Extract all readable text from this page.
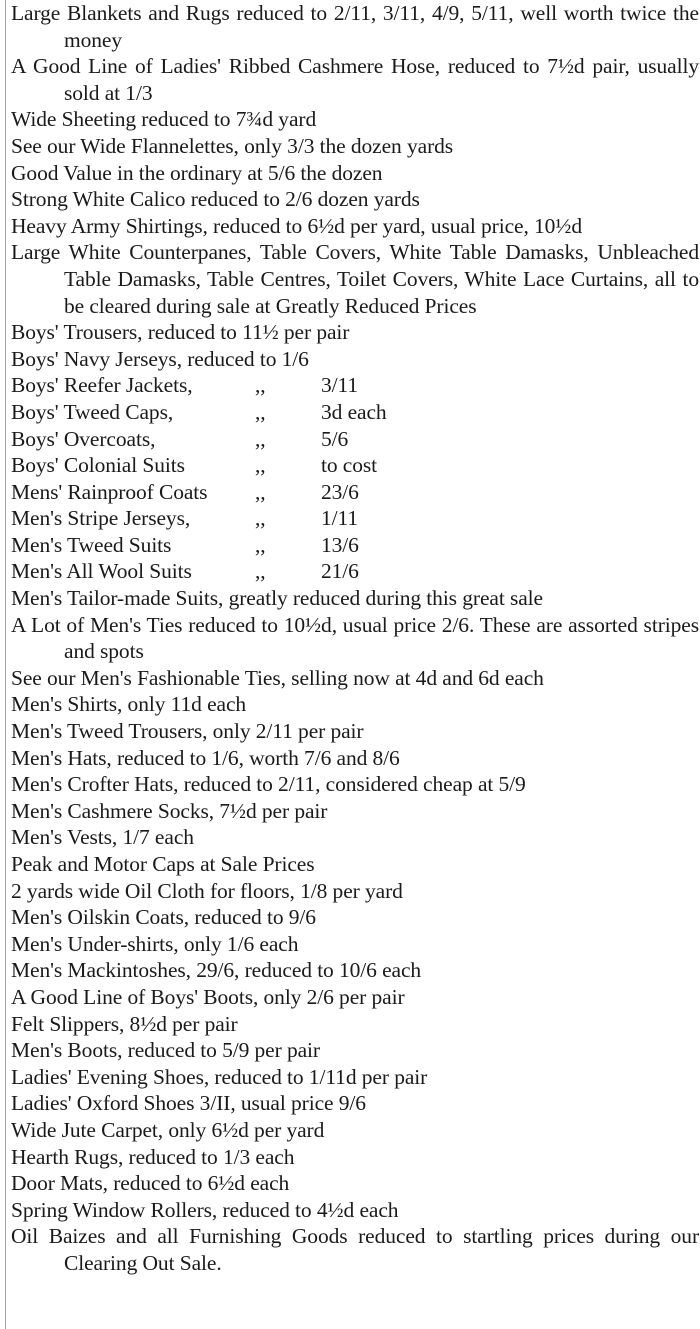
Large Blankets and Rugs reduced to 2/11, 3/11, 4/9, 5/11, well worth twice the money
A Good Line of Ladies' Ribbed Cashmere Hose, reduced to 7½d pair, usually sold at 1/3
Wide Sheeting reduced to 7¾d yard
See our Wide Flannelettes, only 3/3 the dozen yards
Good Value in the ordinary at 5/6 the dozen
Strong White Calico reduced to 2/6 dozen yards
Heavy Army Shirtings, reduced to 6½d per yard, usual price, 10½d
Large White Counterpanes, Table Covers, White Table Damasks, Unbleached Table Damasks, Table Centres, Toilet Covers, White Lace Curtains, all to be cleared during sale at Greatly Reduced Prices
Boys' Trousers, reduced to 11½ per pair
Boys' Navy Jerseys, reduced to 1/6
Boys' Reefer Jackets,	,,	3/11
Boys' Tweed Caps,	,,	3d each
Boys' Overcoats,	,,	5/6
Boys' Colonial Suits	,,	to cost
Mens' Rainproof Coats	,,	23/6
Men's Stripe Jerseys,	,,	1/11
Men's Tweed Suits	,,	13/6
Men's All Wool Suits	,,	21/6
Men's Tailor-made Suits, greatly reduced during this great sale
A Lot of Men's Ties reduced to 10½d, usual price 2/6. These are assorted stripes and spots
See our Men's Fashionable Ties, selling now at 4d and 6d each
Men's Shirts, only 11d each
Men's Tweed Trousers, only 2/11 per pair
Men's Hats, reduced to 1/6, worth 7/6 and 8/6
Men's Crofter Hats, reduced to 2/11, considered cheap at 5/9
Men's Cashmere Socks, 7½d per pair
Men's Vests, 1/7 each
Peak and Motor Caps at Sale Prices
2 yards wide Oil Cloth for floors, 1/8 per yard
Men's Oilskin Coats, reduced to 9/6
Men's Under-shirts, only 1/6 each
Men's Mackintoshes, 29/6, reduced to 10/6 each
A Good Line of Boys' Boots, only 2/6 per pair
Felt Slippers, 8½d per pair
Men's Boots, reduced to 5/9 per pair
Ladies' Evening Shoes, reduced to 1/11d per pair
Ladies' Oxford Shoes 3/II, usual price 9/6
Wide Jute Carpet, only 6½d per yard
Hearth Rugs, reduced to 1/3 each
Door Mats, reduced to 6½d each
Spring Window Rollers, reduced to 4½d each
Oil Baizes and all Furnishing Goods reduced to startling prices during our Clearing Out Sale.
